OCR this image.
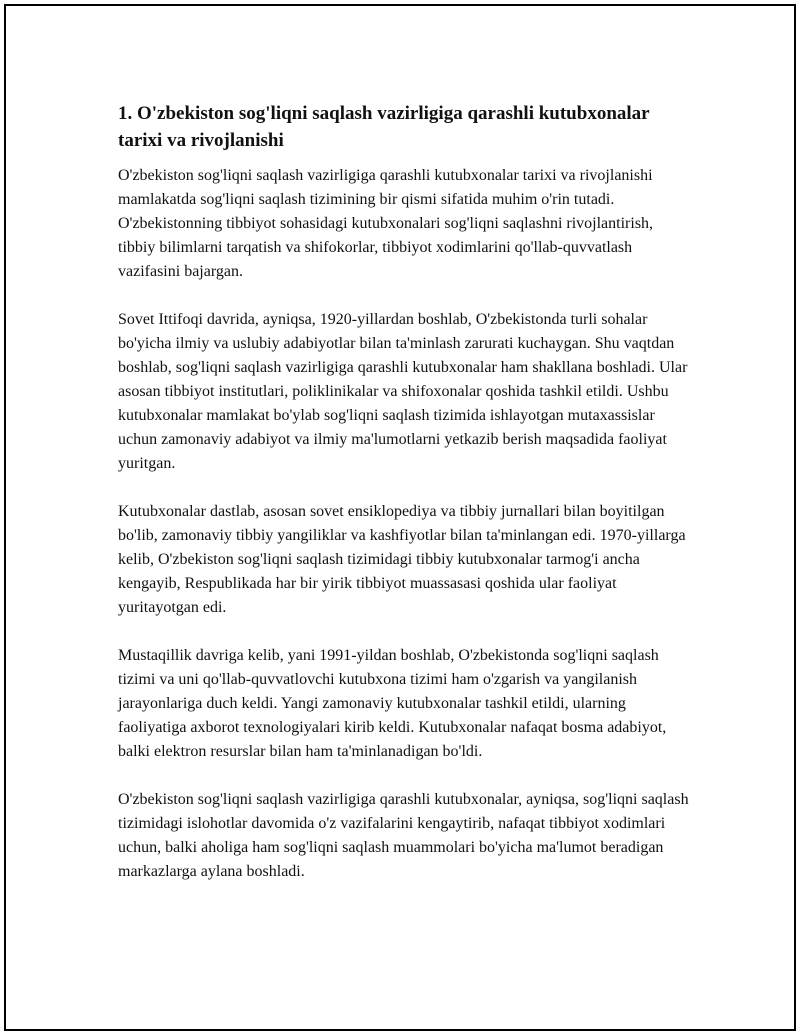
1. O'zbekiston sog'liqni saqlash vazirligiga qarashli kutubxonalar tarixi va rivojlanishi

O'zbekiston sog'liqni saqlash vazirligiga qarashli kutubxonalar tarixi va rivojlanishi mamlakatda sog'liqni saqlash tizimining bir qismi sifatida muhim o'rin tutadi. O'zbekistonning tibbiyot sohasidagi kutubxonalari sog'liqni saqlashni rivojlantirish, tibbiy bilimlarni tarqatish va shifokorlar, tibbiyot xodimlarini qo'llab-quvvatlash vazifasini bajargan.

Sovet Ittifoqi davrida, ayniqsa, 1920-yillardan boshlab, O'zbekistonda turli sohalar bo'yicha ilmiy va uslubiy adabiyotlar bilan ta'minlash zarurati kuchaygan. Shu vaqtdan boshlab, sog'liqni saqlash vazirligiga qarashli kutubxonalar ham shakllana boshladi. Ular asosan tibbiyot institutlari, poliklinikalar va shifoxonalar qoshida tashkil etildi. Ushbu kutubxonalar mamlakat bo'ylab sog'liqni saqlash tizimida ishlayotgan mutaxassislar uchun zamonaviy adabiyot va ilmiy ma'lumotlarni yetkazib berish maqsadida faoliyat yuritgan.

Kutubxonalar dastlab, asosan sovet ensiklopediya va tibbiy jurnallari bilan boyitilgan bo'lib, zamonaviy tibbiy yangiliklar va kashfiyotlar bilan ta'minlangan edi. 1970-yillarga kelib, O'zbekiston sog'liqni saqlash tizimidagi tibbiy kutubxonalar tarmog'i ancha kengayib, Respublikada har bir yirik tibbiyot muassasasi qoshida ular faoliyat yuritayotgan edi.

Mustaqillik davriga kelib, yani 1991-yildan boshlab, O'zbekistonda sog'liqni saqlash tizimi va uni qo'llab-quvvatlovchi kutubxona tizimi ham o'zgarish va yangilanish jarayonlariga duch keldi. Yangi zamonaviy kutubxonalar tashkil etildi, ularning faoliyatiga axborot texnologiyalari kirib keldi. Kutubxonalar nafaqat bosma adabiyot, balki elektron resurslar bilan ham ta'minlanadigan bo'ldi.

O'zbekiston sog'liqni saqlash vazirligiga qarashli kutubxonalar, ayniqsa, sog'liqni saqlash tizimidagi islohotlar davomida o'z vazifalarini kengaytirib, nafaqat tibbiyot xodimlari uchun, balki aholiga ham sog'liqni saqlash muammolari bo'yicha ma'lumot beradigan markazlarga aylana boshladi.
